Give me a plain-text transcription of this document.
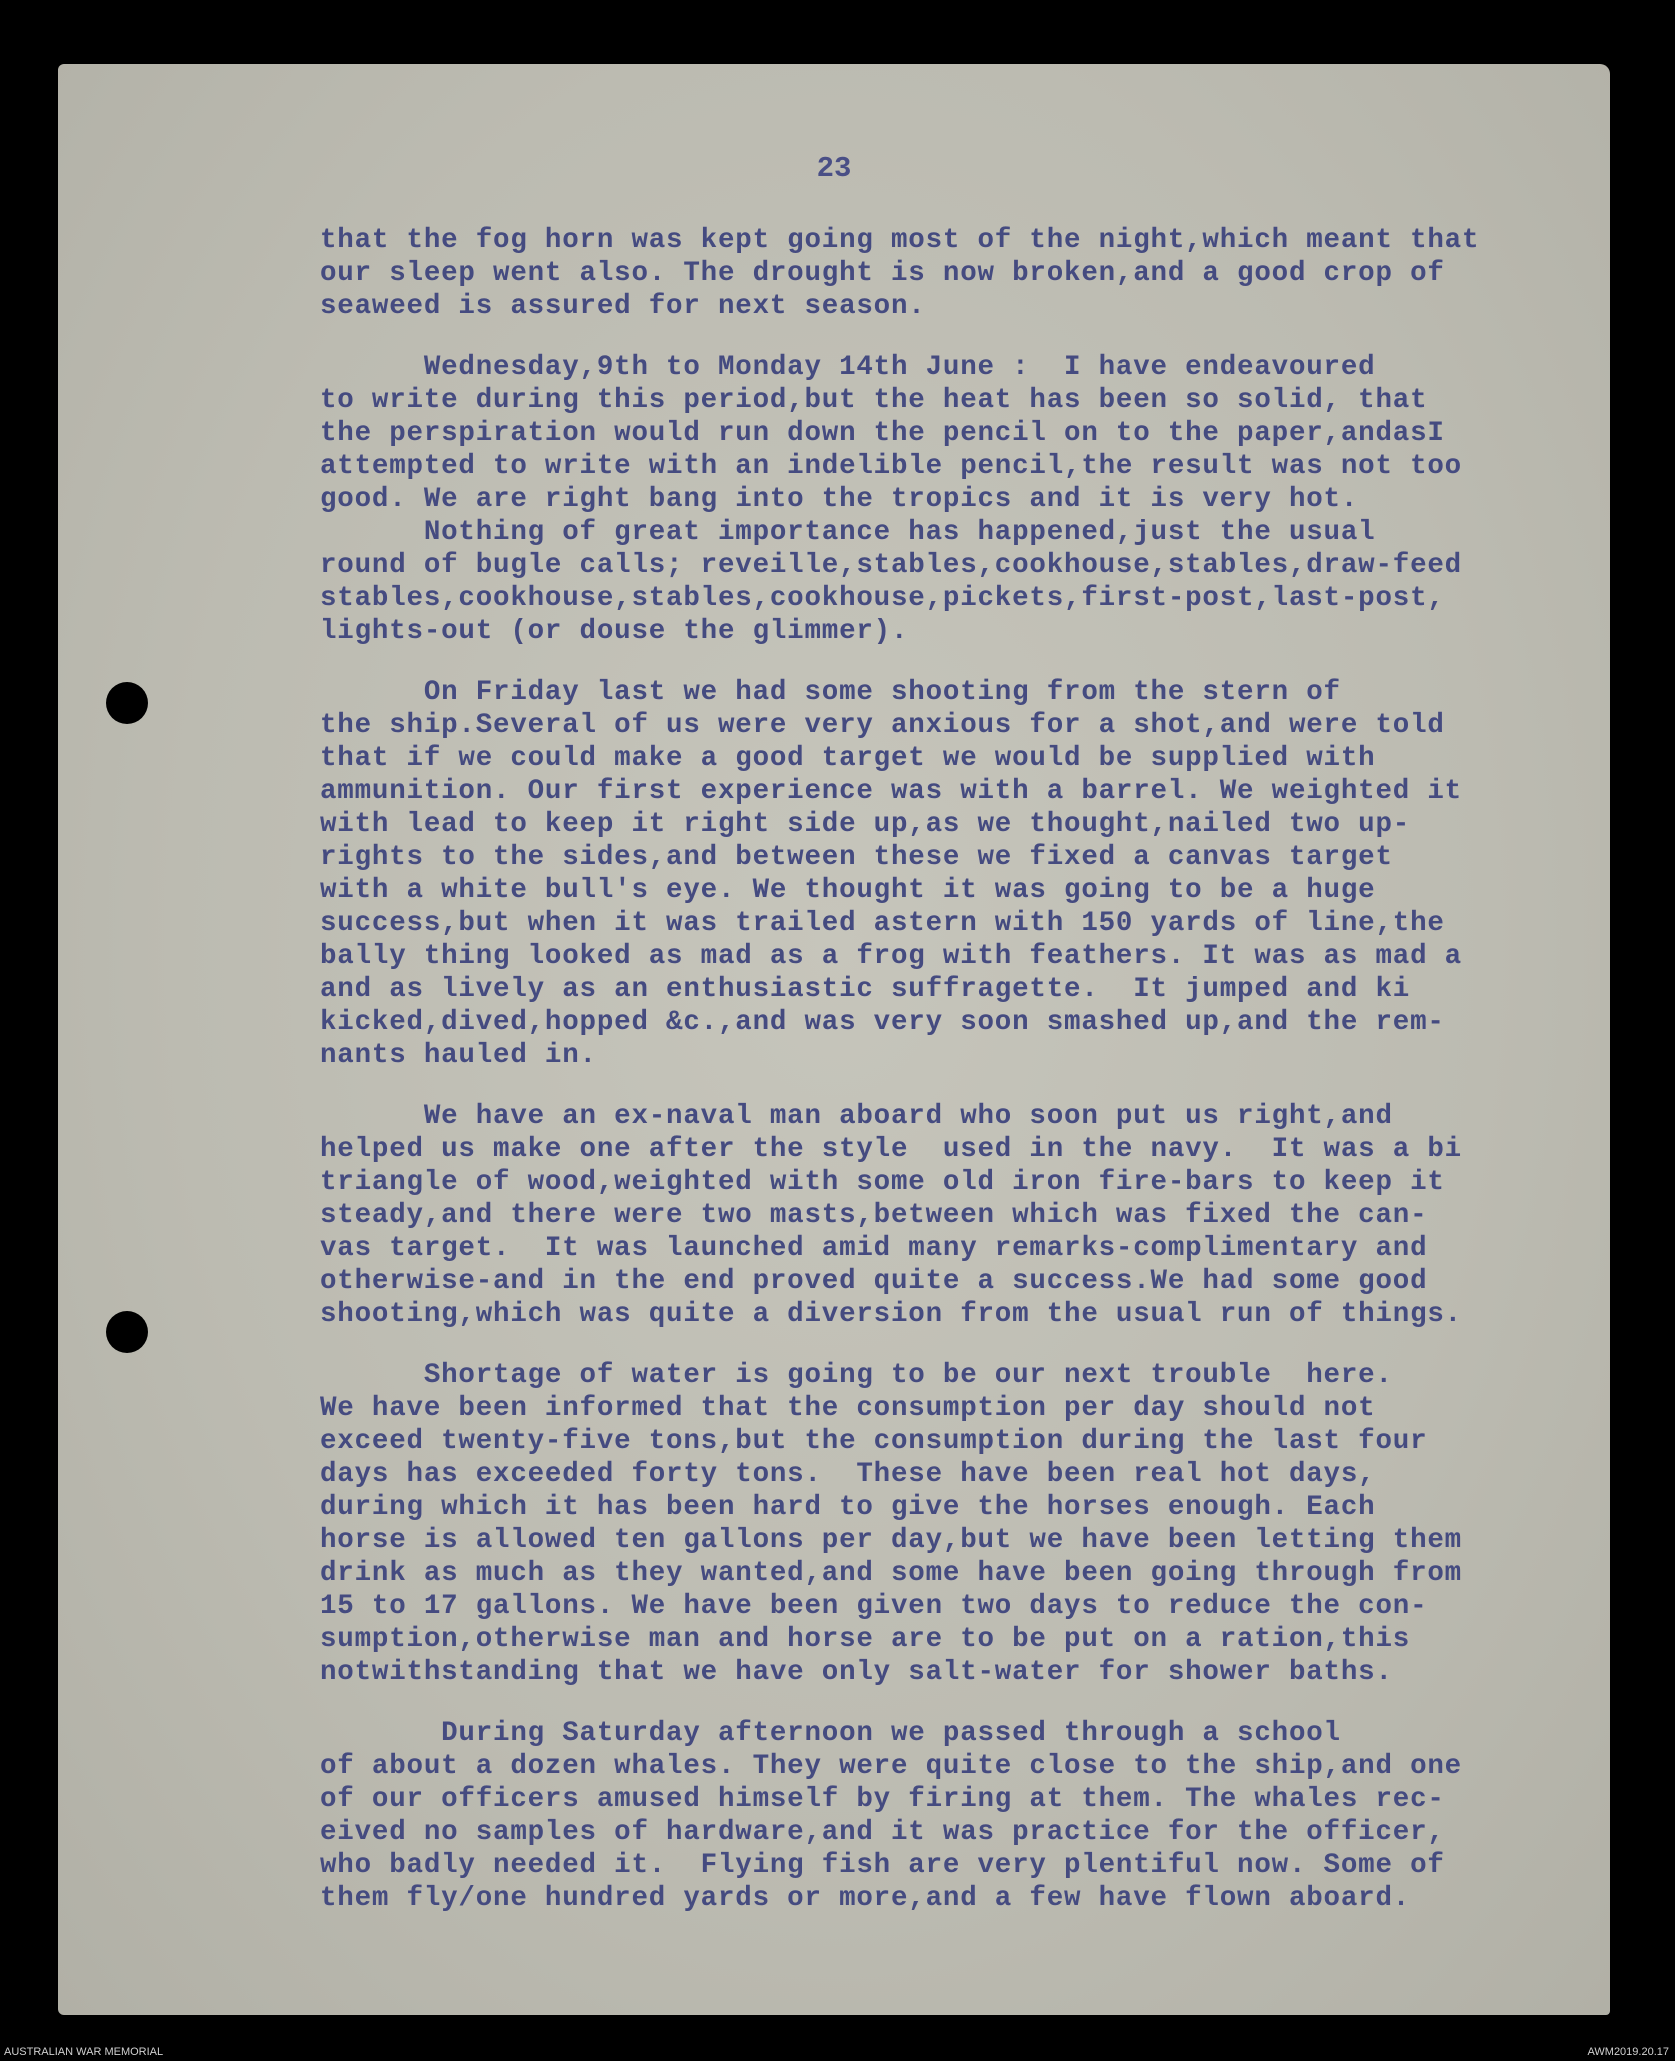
23
that the fog horn was kept going most of the night,which meant that
our sleep went also. The drought is now broken,and a good crop of
seaweed is assured for next season.
Wednesday,9th to Monday 14th June :  I have endeavoured
to write during this period,but the heat has been so solid, that
the perspiration would run down the pencil on to the paper,andasI
attempted to write with an indelible pencil,the result was not too
good. We are right bang into the tropics and it is very hot.
Nothing of great importance has happened,just the usual
round of bugle calls; reveille,stables,cookhouse,stables,draw-feed
stables,cookhouse,stables,cookhouse,pickets,first-post,last-post,
lights-out (or douse the glimmer).
On Friday last we had some shooting from the stern of
the ship.Several of us were very anxious for a shot,and were told
that if we could make a good target we would be supplied with
ammunition. Our first experience was with a barrel. We weighted it
with lead to keep it right side up,as we thought,nailed two up-
rights to the sides,and between these we fixed a canvas target
with a white bull's eye. We thought it was going to be a huge
success,but when it was trailed astern with 150 yards of line,the
bally thing looked as mad as a frog with feathers. It was as mad a
and as lively as an enthusiastic suffragette.  It jumped and ki
kicked,dived,hopped &c.,and was very soon smashed up,and the rem-
nants hauled in.
We have an ex-naval man aboard who soon put us right,and
helped us make one after the style  used in the navy.  It was a bi
triangle of wood,weighted with some old iron fire-bars to keep it
steady,and there were two masts,between which was fixed the can-
vas target.  It was launched amid many remarks-complimentary and
otherwise-and in the end proved quite a success.We had some good
shooting,which was quite a diversion from the usual run of things.
Shortage of water is going to be our next trouble  here.
We have been informed that the consumption per day should not
exceed twenty-five tons,but the consumption during the last four
days has exceeded forty tons.  These have been real hot days,
during which it has been hard to give the horses enough. Each
horse is allowed ten gallons per day,but we have been letting them
drink as much as they wanted,and some have been going through from
15 to 17 gallons. We have been given two days to reduce the con-
sumption,otherwise man and horse are to be put on a ration,this
notwithstanding that we have only salt-water for shower baths.
During Saturday afternoon we passed through a school
of about a dozen whales. They were quite close to the ship,and one
of our officers amused himself by firing at them. The whales rec-
eived no samples of hardware,and it was practice for the officer,
who badly needed it.  Flying fish are very plentiful now. Some of
them fly/one hundred yards or more,and a few have flown aboard.
AUSTRALIAN WAR MEMORIAL	AWM2019.20.17
